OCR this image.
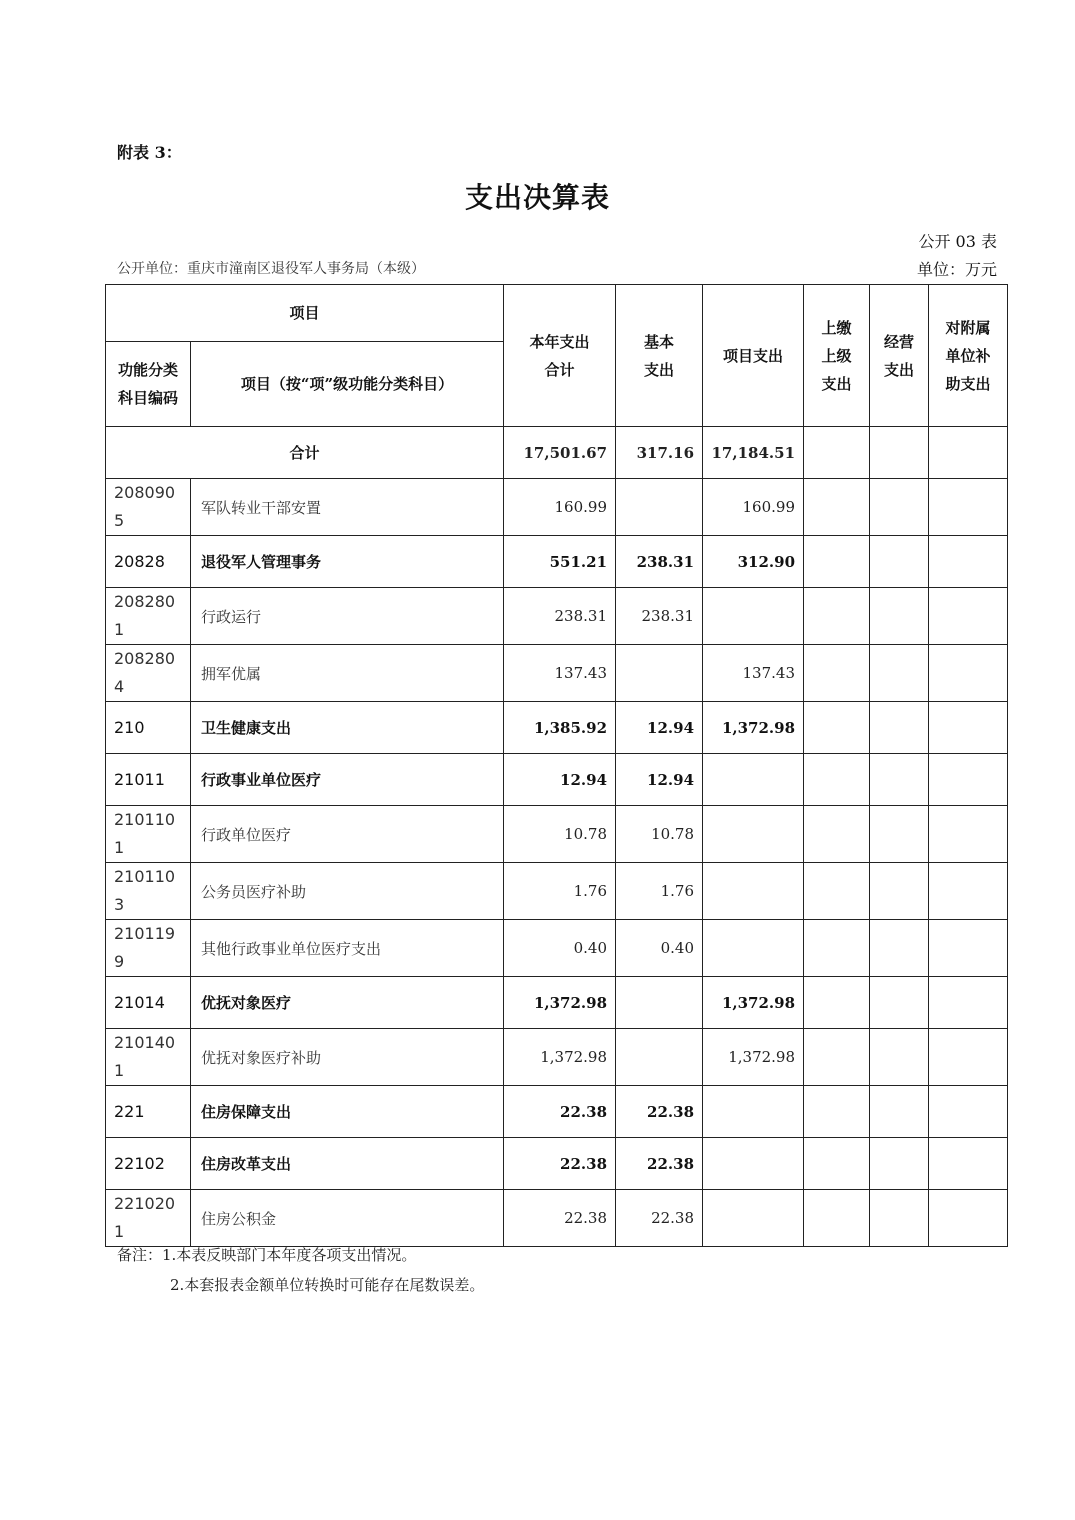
附表 3：
支出决算表
公开 03 表
公开单位：重庆市潼南区退役军人事务局（本级）	单位：万元
项目		本年支出合计	基本支出	项目支出	上缴上级支出	经营支出	对附属单位补助支出
功能分类科目编码	项目（按“项”级功能分类科目）						
合计		17,501.67	317.16	17,184.51			
2080905	军队转业干部安置	160.99		160.99			
20828	退役军人管理事务	551.21	238.31	312.90			
2082801	行政运行	238.31	238.31				
2082804	拥军优属	137.43		137.43			
210	卫生健康支出	1,385.92	12.94	1,372.98			
21011	行政事业单位医疗	12.94	12.94				
2101101	行政单位医疗	10.78	10.78				
2101103	公务员医疗补助	1.76	1.76				
2101199	其他行政事业单位医疗支出	0.40	0.40				
21014	优抚对象医疗	1,372.98		1,372.98			
2101401	优抚对象医疗补助	1,372.98		1,372.98			
221	住房保障支出	22.38	22.38				
22102	住房改革支出	22.38	22.38				
2210201	住房公积金	22.38	22.38				
备注：1.本表反映部门本年度各项支出情况。
2.本套报表金额单位转换时可能存在尾数误差。
